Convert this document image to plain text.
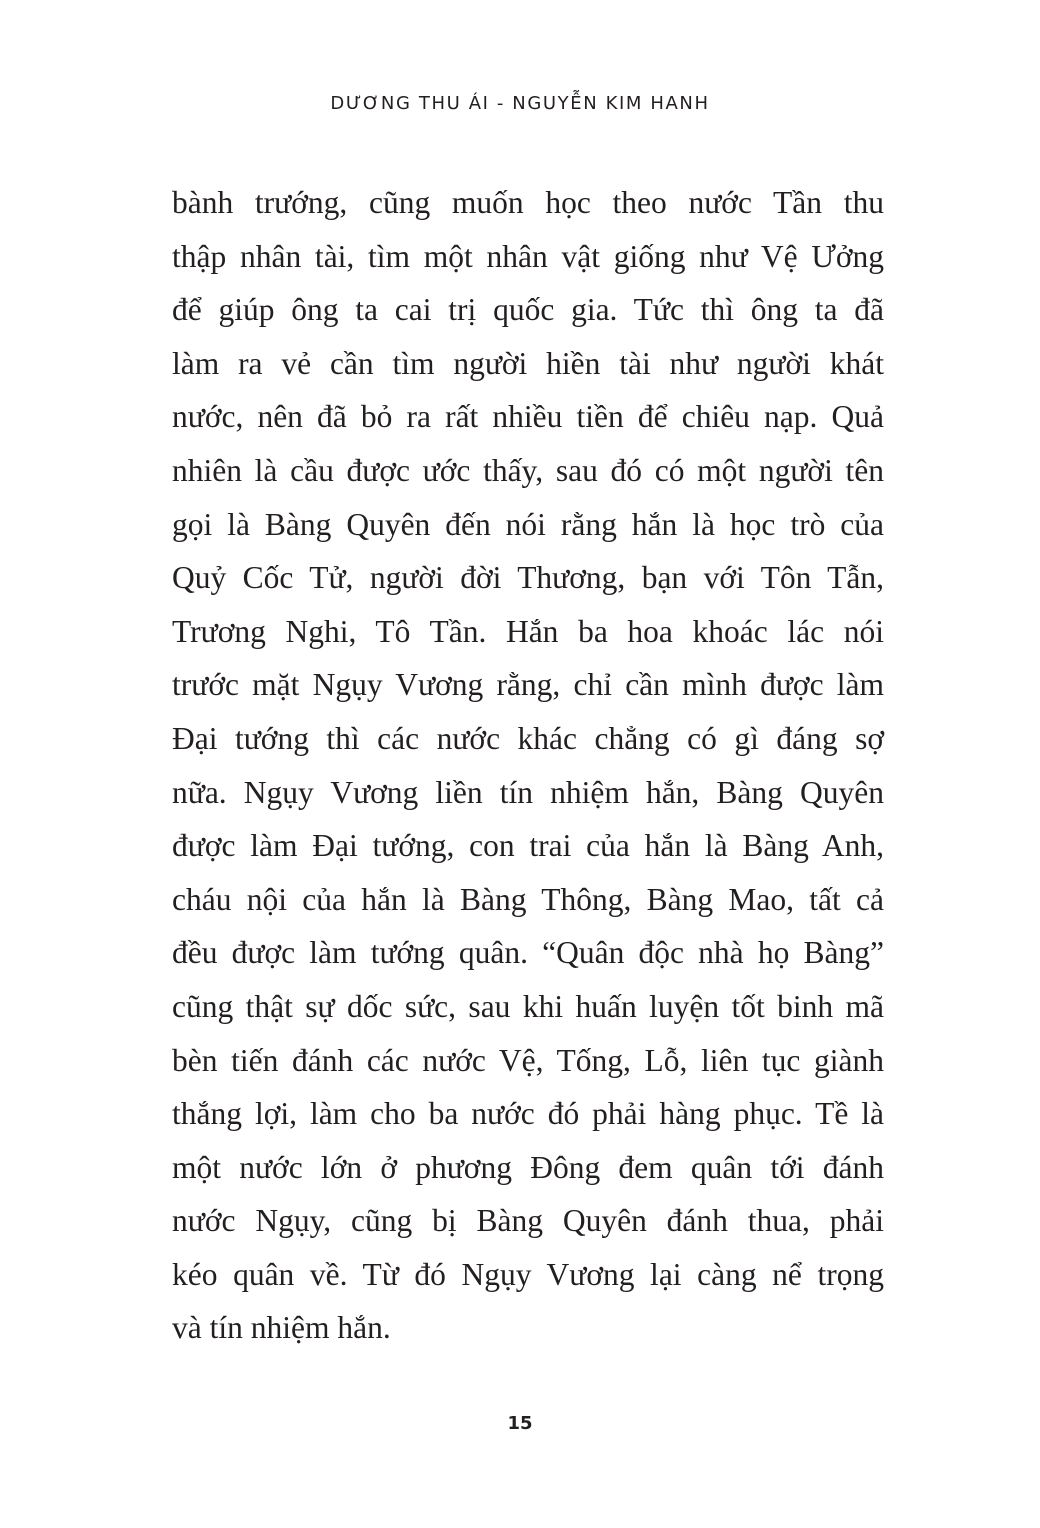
DƯƠNG THU ÁI - NGUYỄN KIM HANH
bành trướng, cũng muốn học theo nước Tần thu
thập nhân tài, tìm một nhân vật giống như Vệ Ưởng
để giúp ông ta cai trị quốc gia. Tức thì ông ta đã
làm ra vẻ cần tìm người hiền tài như người khát
nước, nên đã bỏ ra rất nhiều tiền để chiêu nạp. Quả
nhiên là cầu được ước thấy, sau đó có một người tên
gọi là Bàng Quyên đến nói rằng hắn là học trò của
Quỷ Cốc Tử, người đời Thương, bạn với Tôn Tẫn,
Trương Nghi, Tô Tần. Hắn ba hoa khoác lác nói
trước mặt Ngụy Vương rằng, chỉ cần mình được làm
Đại tướng thì các nước khác chẳng có gì đáng sợ
nữa. Ngụy Vương liền tín nhiệm hắn, Bàng Quyên
được làm Đại tướng, con trai của hắn là Bàng Anh,
cháu nội của hắn là Bàng Thông, Bàng Mao, tất cả
đều được làm tướng quân. “Quân độc nhà họ Bàng”
cũng thật sự dốc sức, sau khi huấn luyện tốt binh mã
bèn tiến đánh các nước Vệ, Tống, Lỗ, liên tục giành
thắng lợi, làm cho ba nước đó phải hàng phục. Tề là
một nước lớn ở phương Đông đem quân tới đánh
nước Ngụy, cũng bị Bàng Quyên đánh thua, phải
kéo quân về. Từ đó Ngụy Vương lại càng nể trọng
và tín nhiệm hắn.
15
